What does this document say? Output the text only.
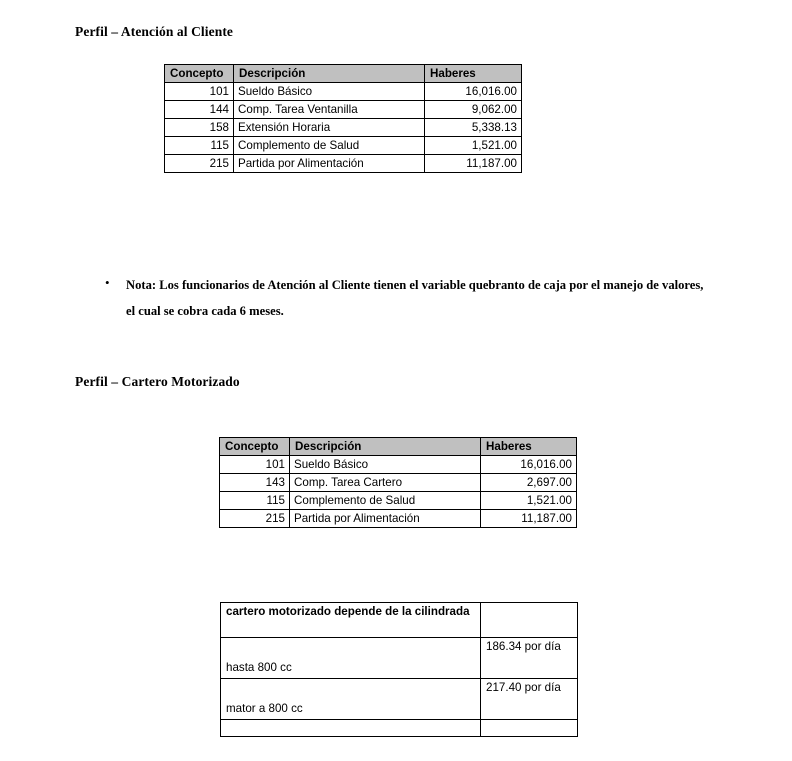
Perfil – Atención al Cliente
Concepto	Descripción	Haberes
101	Sueldo Básico	16,016.00
144	Comp. Tarea Ventanilla	9,062.00
158	Extensión Horaria	5,338.13
115	Complemento de Salud	1,521.00
215	Partida por Alimentación	11,187.00
•	Nota: Los funcionarios de Atención al Cliente tienen el variable quebranto de caja por el manejo de valores, el cual se cobra cada 6 meses.
Perfil – Cartero Motorizado
Concepto	Descripción	Haberes
101	Sueldo Básico	16,016.00
143	Comp. Tarea Cartero	2,697.00
115	Complemento de Salud	1,521.00
215	Partida por Alimentación	11,187.00
cartero motorizado depende de la cilindrada	
hasta 800 cc	186.34 por día
mator a 800 cc	217.40 por día
